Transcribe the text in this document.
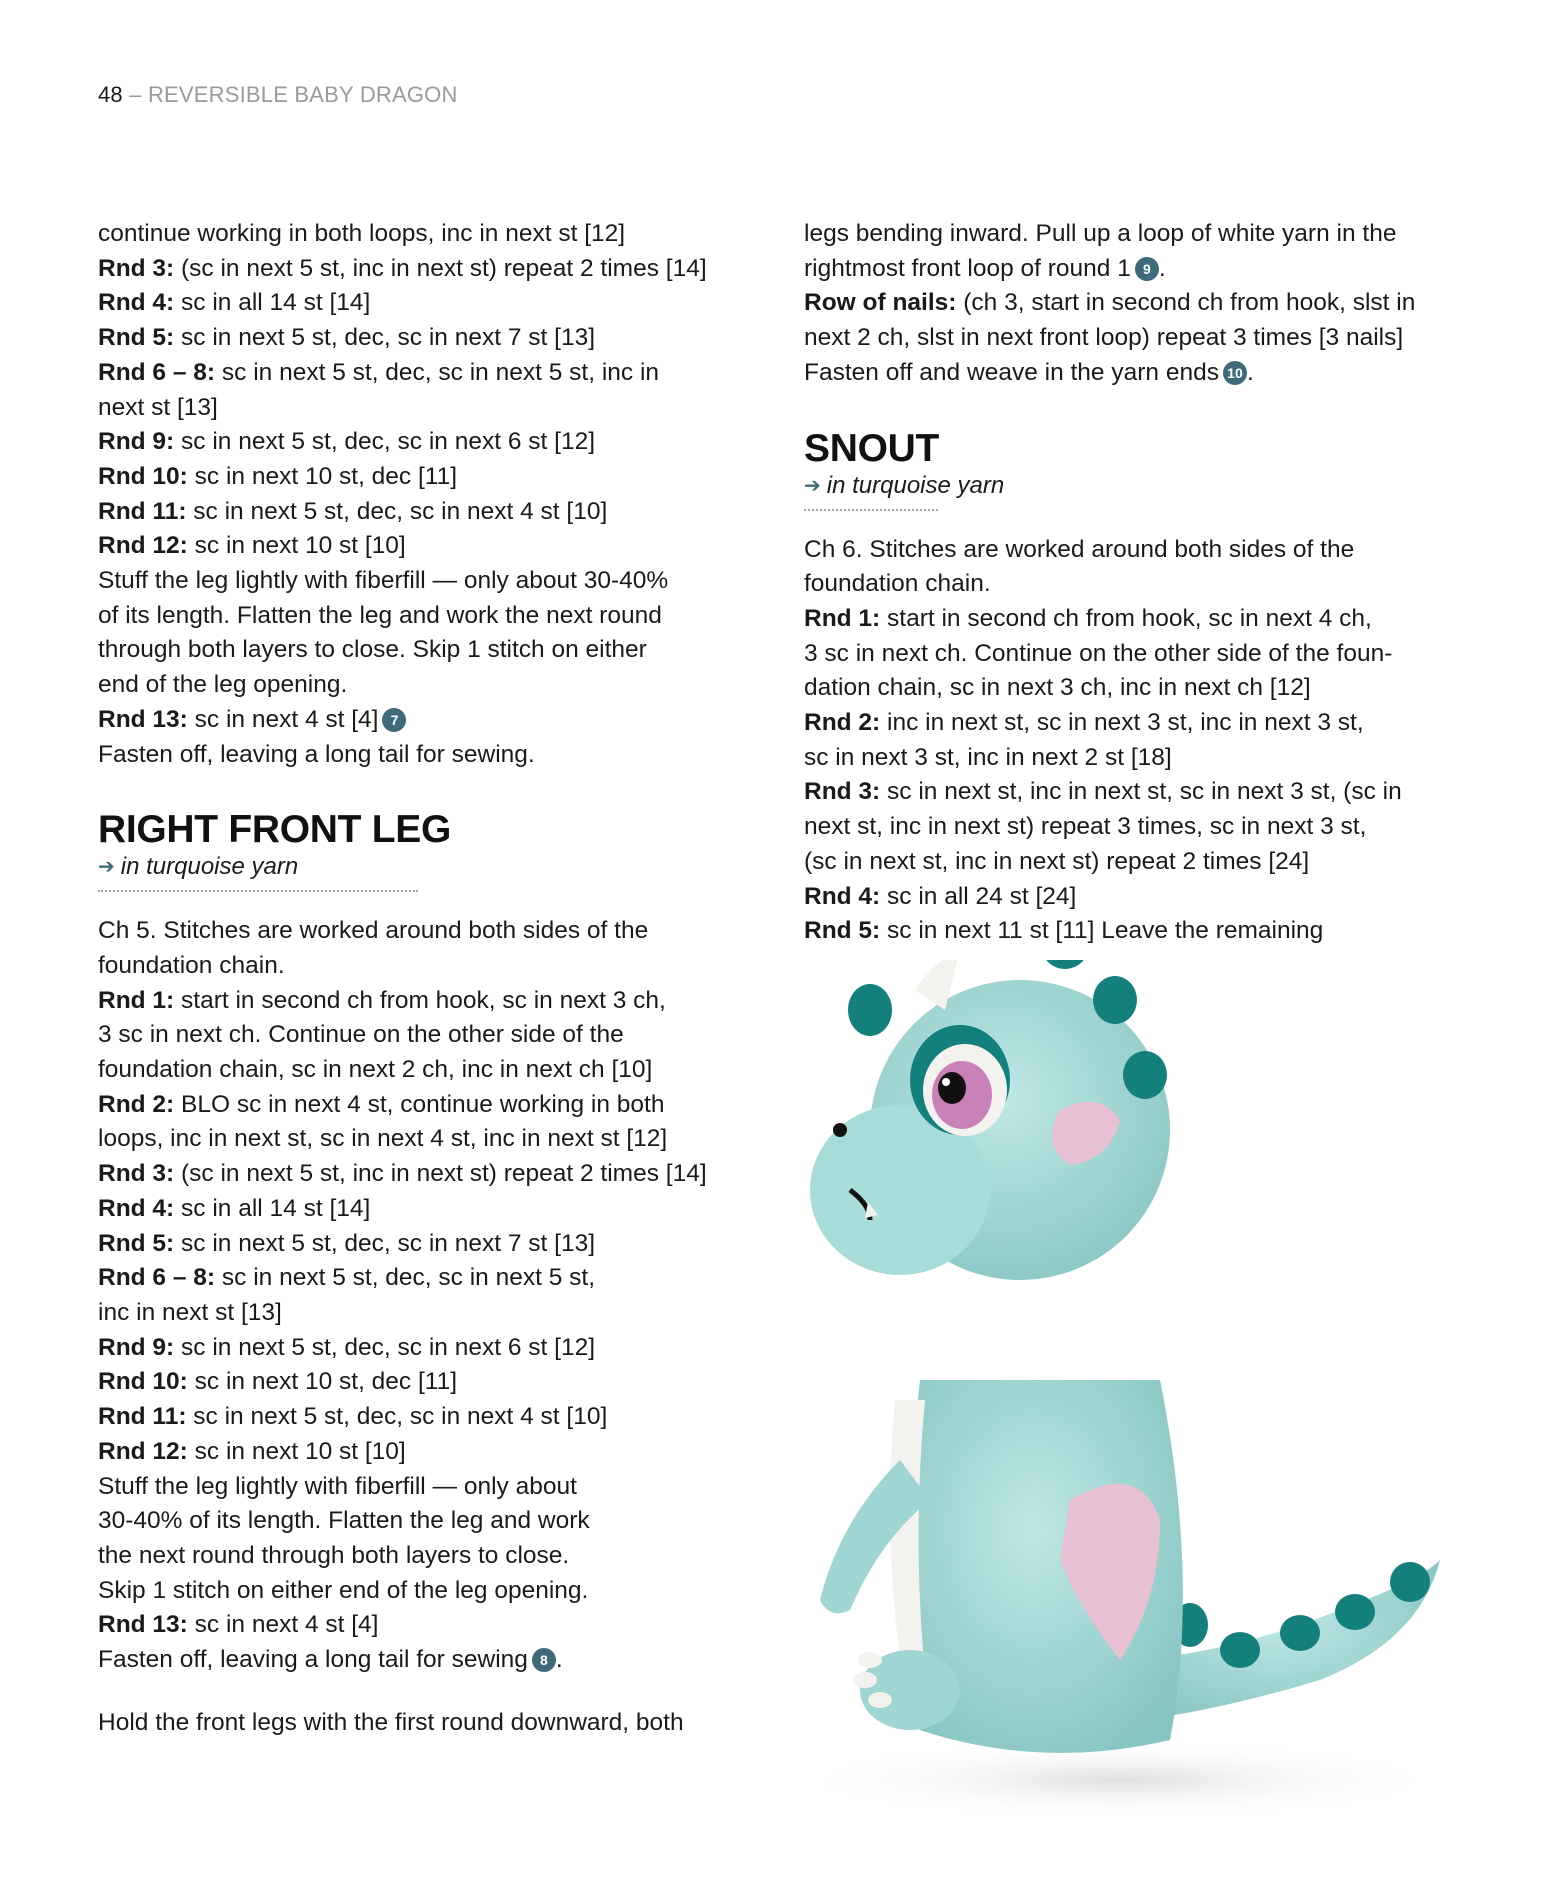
48 – REVERSIBLE BABY DRAGON
continue working in both loops, inc in next st [12]
Rnd 3: (sc in next 5 st, inc in next st) repeat 2 times [14]
Rnd 4: sc in all 14 st [14]
Rnd 5: sc in next 5 st, dec, sc in next 7 st [13]
Rnd 6 – 8: sc in next 5 st, dec, sc in next 5 st, inc in
next st [13]
Rnd 9: sc in next 5 st, dec, sc in next 6 st [12]
Rnd 10: sc in next 10 st, dec [11]
Rnd 11: sc in next 5 st, dec, sc in next 4 st [10]
Rnd 12: sc in next 10 st [10]
Stuff the leg lightly with fiberfill — only about 30-40%
of its length. Flatten the leg and work the next round
through both layers to close. Skip 1 stitch on either
end of the leg opening.
Rnd 13: sc in next 4 st [4] 7
Fasten off, leaving a long tail for sewing.
RIGHT FRONT LEG
➔ in turquoise yarn
Ch 5. Stitches are worked around both sides of the
foundation chain.
Rnd 1: start in second ch from hook, sc in next 3 ch,
3 sc in next ch. Continue on the other side of the
foundation chain, sc in next 2 ch, inc in next ch [10]
Rnd 2: BLO sc in next 4 st, continue working in both
loops, inc in next st, sc in next 4 st, inc in next st [12]
Rnd 3: (sc in next 5 st, inc in next st) repeat 2 times [14]
Rnd 4: sc in all 14 st [14]
Rnd 5: sc in next 5 st, dec, sc in next 7 st [13]
Rnd 6 – 8: sc in next 5 st, dec, sc in next 5 st,
inc in next st [13]
Rnd 9: sc in next 5 st, dec, sc in next 6 st [12]
Rnd 10: sc in next 10 st, dec [11]
Rnd 11: sc in next 5 st, dec, sc in next 4 st [10]
Rnd 12: sc in next 10 st [10]
Stuff the leg lightly with fiberfill — only about
30-40% of its length. Flatten the leg and work
the next round through both layers to close.
Skip 1 stitch on either end of the leg opening.
Rnd 13: sc in next 4 st [4]
Fasten off, leaving a long tail for sewing 8 .
Hold the front legs with the first round downward, both
legs bending inward. Pull up a loop of white yarn in the
rightmost front loop of round 1 9 .
Row of nails: (ch 3, start in second ch from hook, slst in
next 2 ch, slst in next front loop) repeat 3 times [3 nails]
Fasten off and weave in the yarn ends 10 .
SNOUT
➔ in turquoise yarn
Ch 6. Stitches are worked around both sides of the
foundation chain.
Rnd 1: start in second ch from hook, sc in next 4 ch,
3 sc in next ch. Continue on the other side of the foun-
dation chain, sc in next 3 ch, inc in next ch [12]
Rnd 2: inc in next st, sc in next 3 st, inc in next 3 st,
sc in next 3 st, inc in next 2 st [18]
Rnd 3: sc in next st, inc in next st, sc in next 3 st, (sc in
next st, inc in next st) repeat 3 times, sc in next 3 st,
(sc in next st, inc in next st) repeat 2 times [24]
Rnd 4: sc in all 24 st [24]
Rnd 5: sc in next 11 st [11] Leave the remaining
